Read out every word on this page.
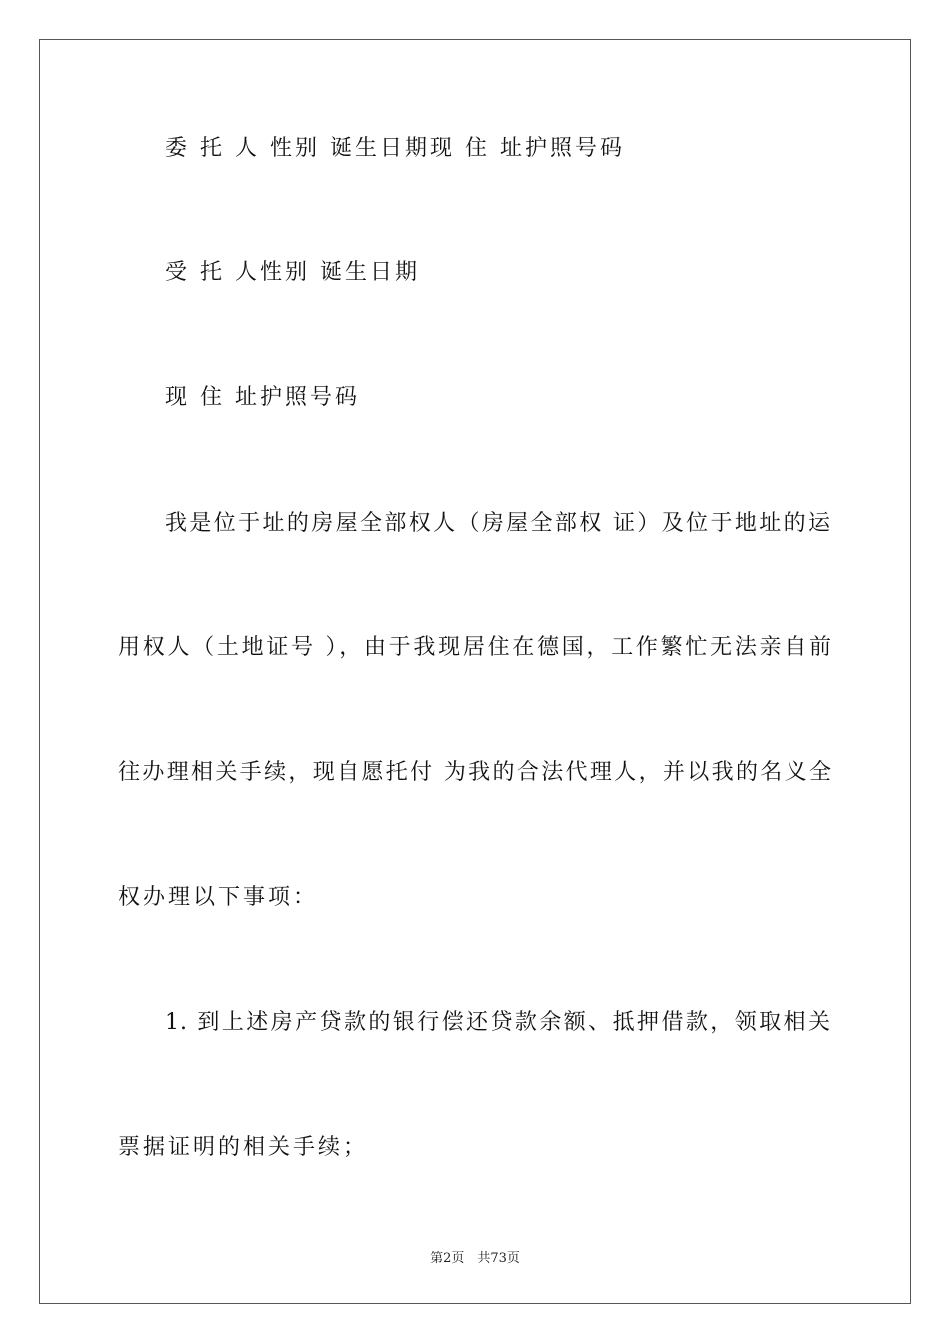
委 托 人 性别 诞生日期现 住 址护照号码
受 托 人性别 诞生日期
现 住 址护照号码
我是位于址的房屋全部权人（房屋全部权 证）及位于地址的运
用权人（土地证号 ），由于我现居住在德国，工作繁忙无法亲自前
往办理相关手续，现自愿托付 为我的合法代理人，并以我的名义全
权办理以下事项：
1. 到上述房产贷款的银行偿还贷款余额、抵押借款，领取相关
票据证明的相关手续；
第2页　共73页
